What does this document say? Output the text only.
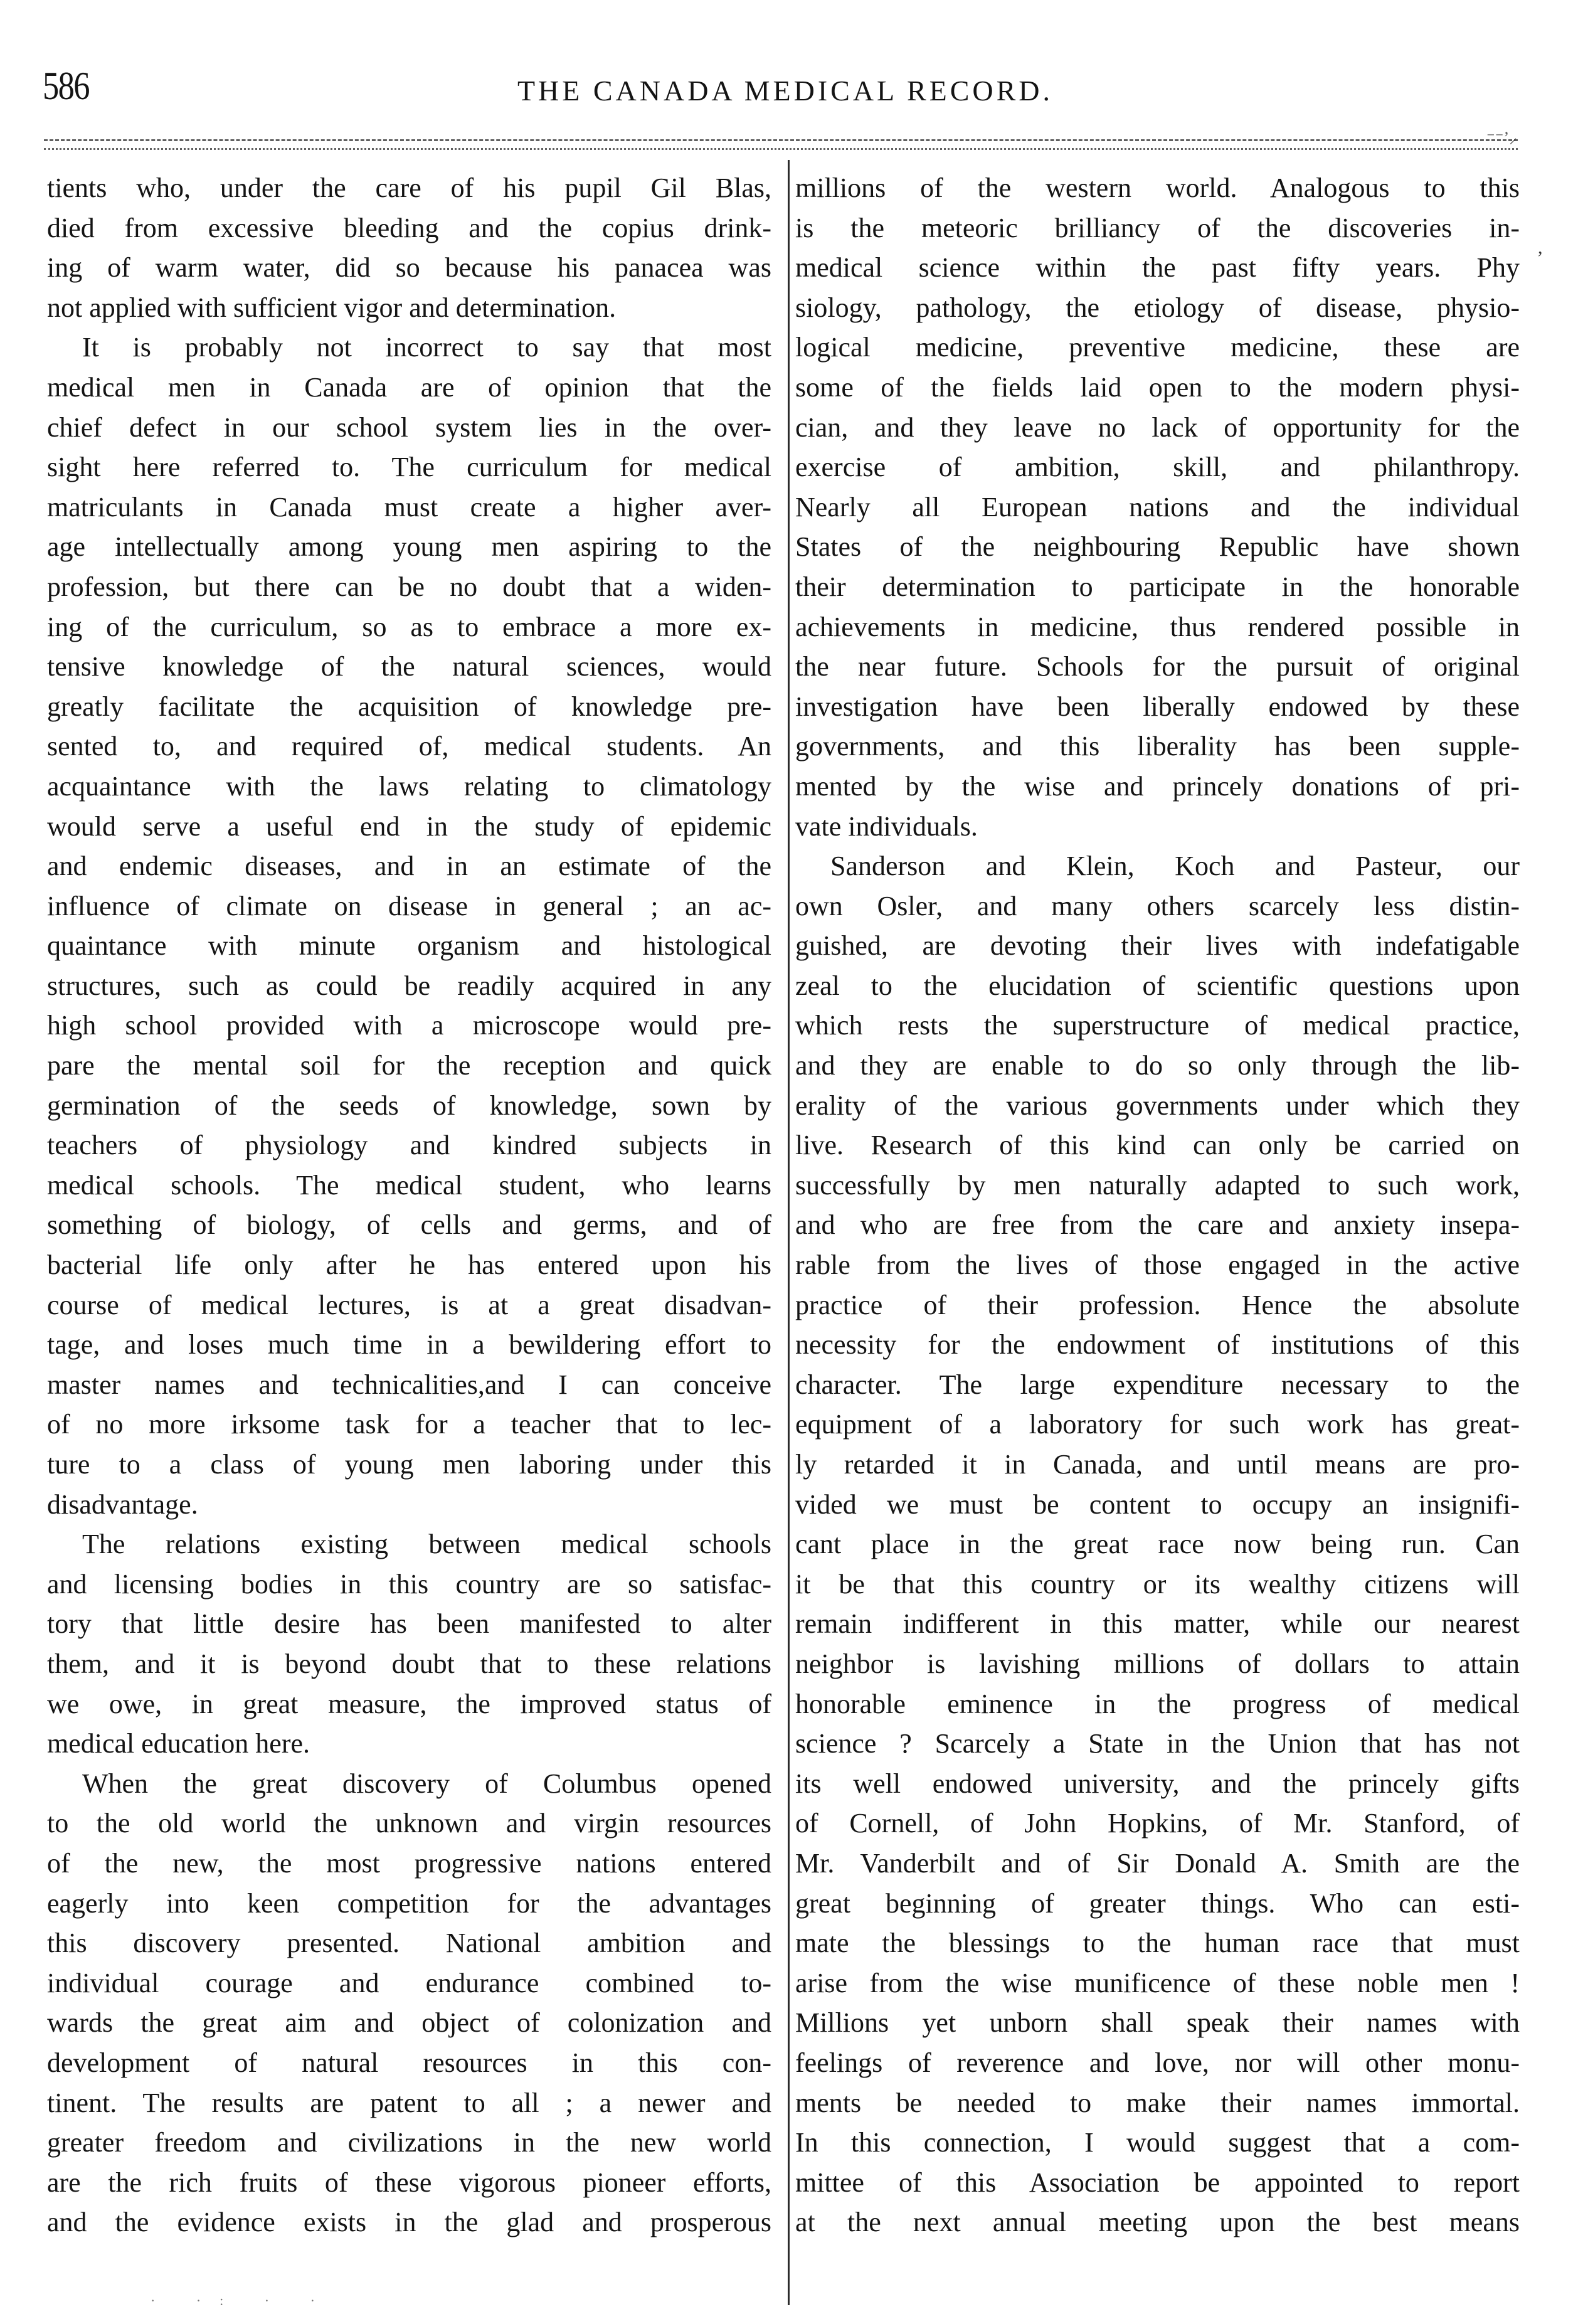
586	THE CANADA MEDICAL RECORD.
⁻⁻ʼ⸝
,
tients who, under the care of his pupil Gil Blas,
died from excessive bleeding and the copius drink-
ing of warm water, did so because his panacea was
not applied with sufficient vigor and determination.
It is probably not incorrect to say that most
medical men in Canada are of opinion that the
chief defect in our school system lies in the over-
sight here referred to. The curriculum for medical
matriculants in Canada must create a higher aver-
age intellectually among young men aspiring to the
profession, but there can be no doubt that a widen-
ing of the curriculum, so as to embrace a more ex-
tensive knowledge of the natural sciences, would
greatly facilitate the acquisition of knowledge pre-
sented to, and required of, medical students. An
acquaintance with the laws relating to climatology
would serve a useful end in the study of epidemic
and endemic diseases, and in an estimate of the
influence of climate on disease in general ; an ac-
quaintance with minute organism and histological
structures, such as could be readily acquired in any
high school provided with a microscope would pre-
pare the mental soil for the reception and quick
germination of the seeds of knowledge, sown by
teachers of physiology and kindred subjects in
medical schools. The medical student, who learns
something of biology, of cells and germs, and of
bacterial life only after he has entered upon his
course of medical lectures, is at a great disadvan-
tage, and loses much time in a bewildering effort to
master names and technicalities,and I can conceive
of no more irksome task for a teacher that to lec-
ture to a class of young men laboring under this
disadvantage.
The relations existing between medical schools
and licensing bodies in this country are so satisfac-
tory that little desire has been manifested to alter
them, and it is beyond doubt that to these relations
we owe, in great measure, the improved status of
medical education here.
When the great discovery of Columbus opened
to the old world the unknown and virgin resources
of the new, the most progressive nations entered
eagerly into keen competition for the advantages
this discovery presented. National ambition and
individual courage and endurance combined to-
wards the great aim and object of colonization and
development of natural resources in this con-
tinent. The results are patent to all ; a newer and
greater freedom and civilizations in the new world
are the rich fruits of these vigorous pioneer efforts,
and the evidence exists in the glad and prosperous
millions of the western world. Analogous to this
is the meteoric brilliancy of the discoveries in-
medical science within the past fifty years. Phy
siology, pathology, the etiology of disease, physio-
logical medicine, preventive medicine, these are
some of the fields laid open to the modern physi-
cian, and they leave no lack of opportunity for the
exercise of ambition, skill, and philanthropy.
Nearly all European nations and the individual
States of the neighbouring Republic have shown
their determination to participate in the honorable
achievements in medicine, thus rendered possible in
the near future. Schools for the pursuit of original
investigation have been liberally endowed by these
governments, and this liberality has been supple-
mented by the wise and princely donations of pri-
vate individuals.
Sanderson and Klein, Koch and Pasteur, our
own Osler, and many others scarcely less distin-
guished, are devoting their lives with indefatigable
zeal to the elucidation of scientific questions upon
which rests the superstructure of medical practice,
and they are enable to do so only through the lib-
erality of the various governments under which they
live. Research of this kind can only be carried on
successfully by men naturally adapted to such work,
and who are free from the care and anxiety insepa-
rable from the lives of those engaged in the active
practice of their profession. Hence the absolute
necessity for the endowment of institutions of this
character. The large expenditure necessary to the
equipment of a laboratory for such work has great-
ly retarded it in Canada, and until means are pro-
vided we must be content to occupy an insignifi-
cant place in the great race now being run. Can
it be that this country or its wealthy citizens will
remain indifferent in this matter, while our nearest
neighbor is lavishing millions of dollars to attain
honorable eminence in the progress of medical
science ? Scarcely a State in the Union that has not
its well endowed university, and the princely gifts
of Cornell, of John Hopkins, of Mr. Stanford, of
Mr. Vanderbilt and of Sir Donald A. Smith are the
great beginning of greater things. Who can esti-
mate the blessings to the human race that must
arise from the wise munificence of these noble men !
Millions yet unborn shall speak their names with
feelings of reverence and love, nor will other monu-
ments be needed to make their names immortal.
In this connection, I would suggest that a com-
mittee of this Association be appointed to report
at the next annual meeting upon the best means
· ·: · ·
